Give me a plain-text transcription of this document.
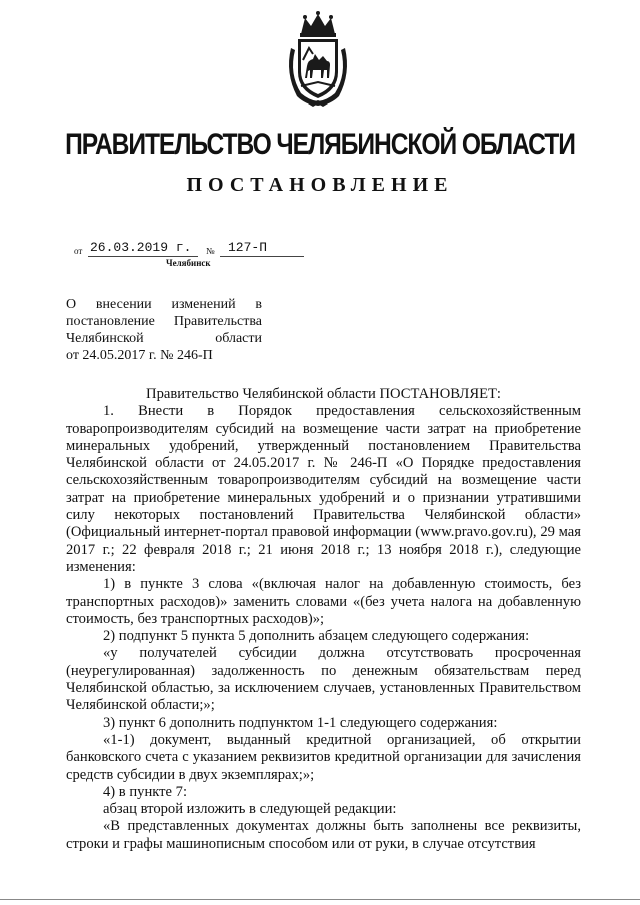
ПРАВИТЕЛЬСТВО ЧЕЛЯБИНСКОЙ ОБЛАСТИ
ПОСТАНОВЛЕНИЕ
от 26.03.2019 г. № 127-П
Челябинск
О внесении изменений в
постановление Правительства
Челябинской области
от 24.05.2017 г. № 246-П

Правительство Челябинской области ПОСТАНОВЛЯЕТ:

1. Внести в Порядок предоставления сельскохозяйственным товаропроизводителям субсидий на возмещение части затрат на приобретение минеральных удобрений, утвержденный постановлением Правительства Челябинской области от 24.05.2017 г. № 246-П «О Порядке предоставления сельскохозяйственным товаропроизводителям субсидий на возмещение части затрат на приобретение минеральных удобрений и о признании утратившими силу некоторых постановлений Правительства Челябинской области» (Официальный интернет-портал правовой информации (www.pravo.gov.ru), 29 мая 2017 г.; 22 февраля 2018 г.; 21 июня 2018 г.; 13 ноября 2018 г.), следующие изменения:

1) в пункте 3 слова «(включая налог на добавленную стоимость, без транспортных расходов)» заменить словами «(без учета налога на добавленную стоимость, без транспортных расходов)»;

2) подпункт 5 пункта 5 дополнить абзацем следующего содержания:

«у получателей субсидии должна отсутствовать просроченная (неурегулированная) задолженность по денежным обязательствам перед Челябинской областью, за исключением случаев, установленных Правительством Челябинской области;»;

3) пункт 6 дополнить подпунктом 1-1 следующего содержания:

«1-1) документ, выданный кредитной организацией, об открытии банковского счета с указанием реквизитов кредитной организации для зачисления средств субсидии в двух экземплярах;»;

4) в пункте 7:

абзац второй изложить в следующей редакции:

«В представленных документах должны быть заполнены все реквизиты, строки и графы машинописным способом или от руки, в случае отсутствия
